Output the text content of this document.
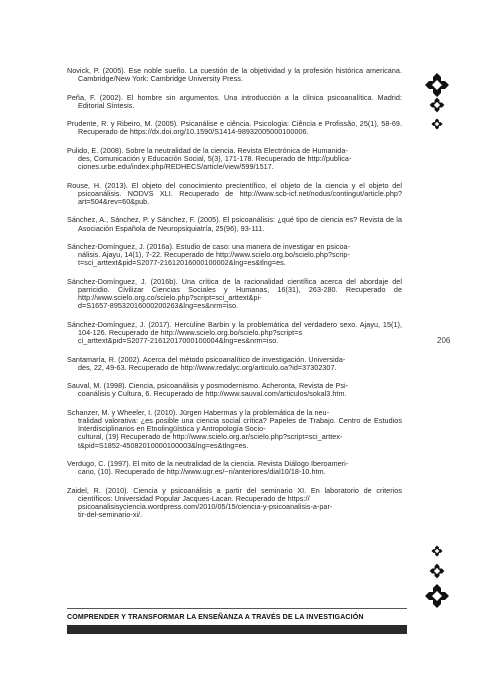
Novick, P. (2005). Ese noble sueño. La cuestión de la objetividad y la profesión histórica americana. Cambridge/New York: Cambridge University Press.

Peña, F. (2002). El hombre sin argumentos. Una introducción a la clínica psicoanalítica. Madrid: Editorial Síntesis.

Prudente, R. y Ribeiro, M. (2005). Psicanálise e ciência. Psicologia: Ciência e Profissão, 25(1), 58-69. Recuperado de https://dx.doi.org/10.1590/S1414-98932005000100006.

Pulido, E. (2008). Sobre la neutralidad de la ciencia. Revista Electrónica de Humanida-
des, Comunicación y Educación Social, 5(3), 171-178. Recuperado de http://publica-
ciones.urbe.edu/index.php/REDHECS/article/view/599/1517.

Rouse, H. (2013). El objeto del conocimiento precientífico, el objeto de la ciencia y el objeto del psicoanálisis. NODVS XLI. Recuperado de http://www.scb-icf.net/nodus/contingut/article.php?art=504&rev=60&pub.

Sánchez, A., Sánchez, P. y Sánchez, F. (2005). El psicoanálisis: ¿qué tipo de ciencia es? Revista de la Asociación Española de Neuropsiquiatría, 25(96), 93-111.

Sánchez-Domínguez, J. (2016a). Estudio de caso: una manera de investigar en psicoa-
nálisis. Ajayu, 14(1), 7-22. Recuperado de http://www.scielo.org.bo/scielo.php?scrip-
t=sci_arttext&pid=S2077-21612016000100002&lng=es&tlng=es.

Sánchez-Domínguez, J. (2016b). Una crítica de la racionalidad científica acerca del abordaje del parricidio. Civilizar Ciencias Sociales y Humanas, 16(31), 263-280. Recuperado de http://www.scielo.org.co/scielo.php?script=sci_arttext&pi-
d=S1657-89532016000200263&lng=es&nrm=iso.

Sánchez-Domínguez, J. (2017). Herculine Barbin y la problemática del verdadero sexo. Ajayu, 15(1), 104-126. Recuperado de http://www.scielo.org.bo/scielo.php?script=s
ci_arttext&pid=S2077-21612017000100004&lng=es&nrm=iso.

Santamaría, R. (2002). Acerca del método psicoanalítico de investigación. Universida-
des, 22, 49-63. Recuperado de http://www.redalyc.org/articulo.oa?id=37302307.

Sauval, M. (1998). Ciencia, psicoanálisis y posmodernismo. Acheronta, Revista de Psi-
coanálisis y Cultura, 6. Recuperado de http://www.sauval.com/articulos/sokal3.htm.

Schanzer, M. y Wheeler, I. (2010). Jürgen Habermas y la problemática de la neu-
tralidad valorativa: ¿es posible una ciencia social crítica? Papeles de Trabajo. Centro de Estudios Interdisciplinarios en Etnolingüística y Antropología Socio-
cultural, (19) Recuperado de http://www.scielo.org.ar/scielo.php?script=sci_arttex-
t&pid=S1852-45082010000100003&lng=es&tlng=es.

Verdugo, C. (1997). El mito de la neutralidad de la ciencia. Revista Diálogo Iberoameri-
cano, (10). Recuperado de http://www.ugr.es/~ri/anteriores/dial10/18-10.htm.

Zaidel, R. (2010). Ciencia y psicoanálisis a partir del seminario XI. En laboratorio de criterios científicos: Universidad Popular Jacques-Lacan. Recuperado de https://
psicoanalisisyciencia.wordpress.com/2010/05/15/ciencia-y-psicoanalisis-a-par-
tir-del-seminario-xi/.

206
COMPRENDER Y TRANSFORMAR LA ENSEÑANZA A TRAVÉS DE LA INVESTIGACIÓN
